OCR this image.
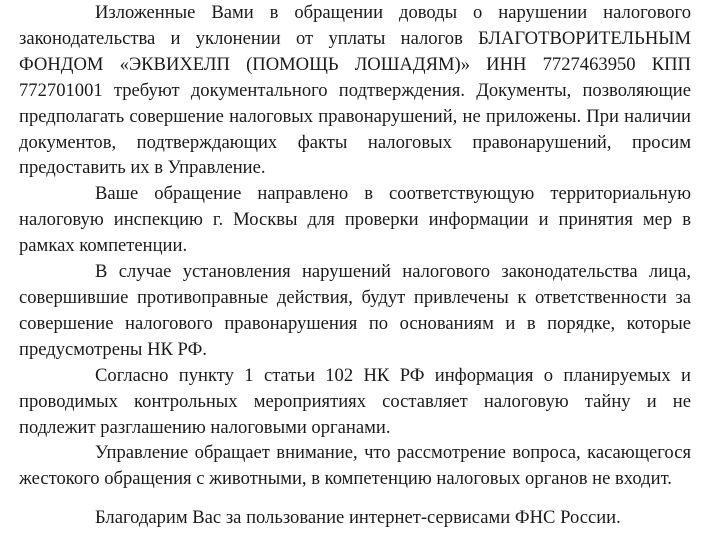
Изложенные Вами в обращении доводы о нарушении налогового законодательства и уклонении от уплаты налогов БЛАГОТВОРИТЕЛЬНЫМ ФОНДОМ «ЭКВИХЕЛП (ПОМОЩЬ ЛОШАДЯМ)» ИНН 7727463950 КПП 772701001 требуют документального подтверждения. Документы, позволяющие предполагать совершение налоговых правонарушений, не приложены. При наличии документов, подтверждающих факты налоговых правонарушений, просим предоставить их в Управление.

Ваше обращение направлено в соответствующую территориальную налоговую инспекцию г. Москвы для проверки информации и принятия мер в рамках компетенции.

В случае установления нарушений налогового законодательства лица, совершившие противоправные действия, будут привлечены к ответственности за совершение налогового правонарушения по основаниям и в порядке, которые предусмотрены НК РФ.

Согласно пункту 1 статьи 102 НК РФ информация о планируемых и проводимых контрольных мероприятиях составляет налоговую тайну и не подлежит разглашению налоговыми органами.

Управление обращает внимание, что рассмотрение вопроса, касающегося жестокого обращения с животными, в компетенцию налоговых органов не входит.

Благодарим Вас за пользование интернет-сервисами ФНС России.
